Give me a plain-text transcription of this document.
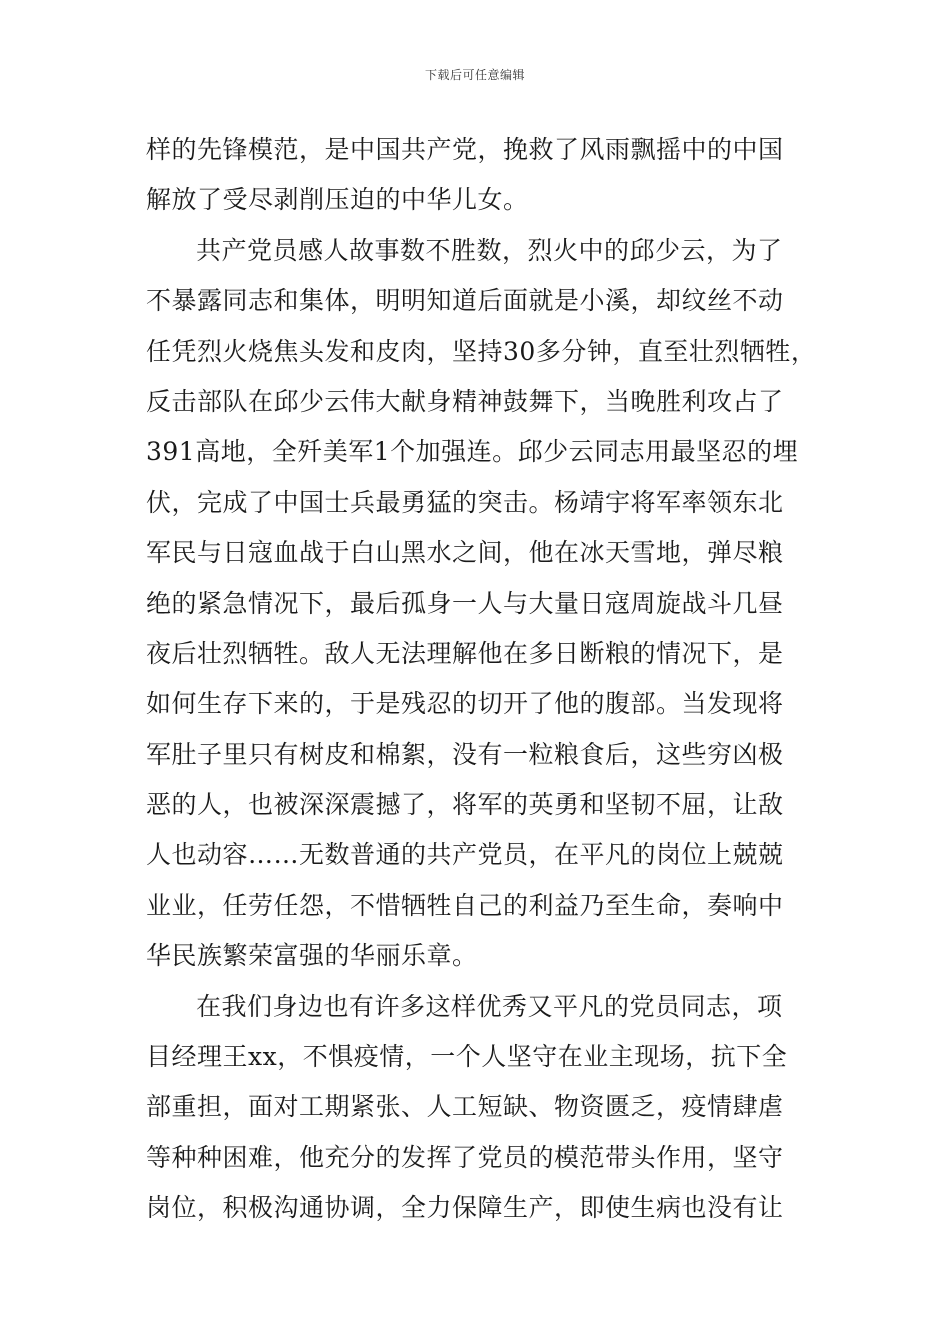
下载后可任意编辑
样的先锋模范，是中国共产党，挽救了风雨飘摇中的中国
解放了受尽剥削压迫的中华儿女。
共产党员感人故事数不胜数，烈火中的邱少云，为了
不暴露同志和集体，明明知道后面就是小溪，却纹丝不动
任凭烈火烧焦头发和皮肉，坚持30多分钟，直至壮烈牺牲，
反击部队在邱少云伟大献身精神鼓舞下，当晚胜利攻占了
391高地，全歼美军1个加强连。邱少云同志用最坚忍的埋
伏，完成了中国士兵最勇猛的突击。杨靖宇将军率领东北
军民与日寇血战于白山黑水之间，他在冰天雪地，弹尽粮
绝的紧急情况下，最后孤身一人与大量日寇周旋战斗几昼
夜后壮烈牺牲。敌人无法理解他在多日断粮的情况下，是
如何生存下来的，于是残忍的切开了他的腹部。当发现将
军肚子里只有树皮和棉絮，没有一粒粮食后，这些穷凶极
恶的人，也被深深震撼了，将军的英勇和坚韧不屈，让敌
人也动容……无数普通的共产党员，在平凡的岗位上兢兢
业业，任劳任怨，不惜牺牲自己的利益乃至生命，奏响中
华民族繁荣富强的华丽乐章。
在我们身边也有许多这样优秀又平凡的党员同志，项
目经理王xx，不惧疫情，一个人坚守在业主现场，抗下全
部重担，面对工期紧张、人工短缺、物资匮乏，疫情肆虐
等种种困难，他充分的发挥了党员的模范带头作用，坚守
岗位，积极沟通协调，全力保障生产，即使生病也没有让
